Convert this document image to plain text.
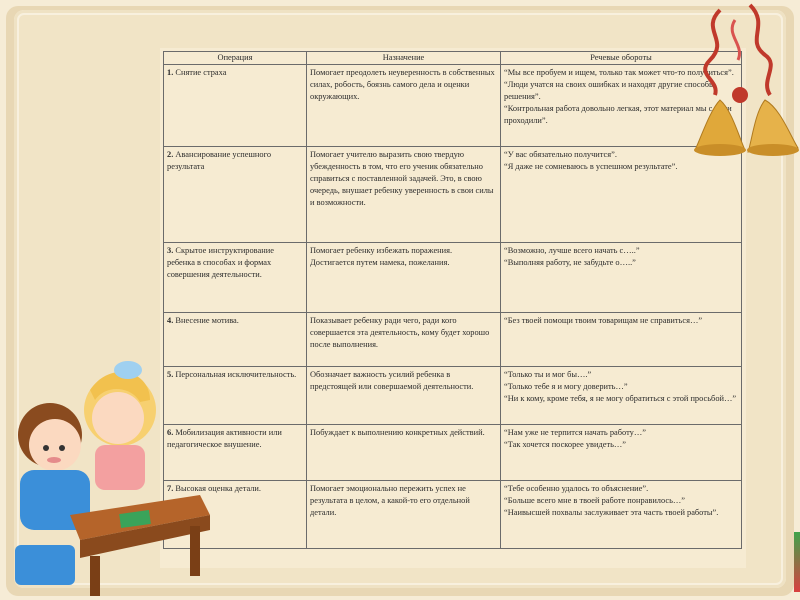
Операция	Назначение	Речевые обороты
1. Снятие страха	Помогает преодолеть неуверенность в собственных силах, робость, боязнь самого дела и оценки окружающих.	“Мы все пробуем и ищем, только так может что-то получиться”.
“Люди учатся на своих ошибках и находят другие способы решения”.
“Контрольная работа довольно легкая, этот материал мы с вами проходили”.

2. Авансирование успешного результата	Помогает учителю выразить свою твердую убежденность в том, что его ученик обязательно справиться с поставленной задачей. Это, в свою очередь, внушает ребенку уверенность в свои силы и возможности.	“У вас обязательно получится”.
“Я даже не сомневаюсь в успешном результате”.

3. Скрытое инструктирование ребенка в способах и формах совершения деятельности.	Помогает ребенку избежать поражения. Достигается путем намека, пожелания.	“Возможно, лучше всего начать с…..”
“Выполняя работу, не забудьте о…..”

4. Внесение мотива.	Показывает ребенку ради чего, ради кого совершается эта деятельность, кому будет хорошо после выполнения.	“Без твоей помощи твоим товарищам не справиться…”

5. Персональная исключительность.	Обозначает важность усилий ребенка в предстоящей или совершаемой деятельности.	“Только ты и мог бы….”
“Только тебе я и могу доверить…”
“Ни к кому, кроме тебя, я не могу обратиться с этой просьбой…”

6. Мобилизация активности или педагогическое внушение.	Побуждает к выполнению конкретных действий.	“Нам уже не терпится начать работу…”
“Так хочется поскорее увидеть…”

7. Высокая оценка детали.	Помогает эмоционально пережить успех не результата в целом, а какой-то его отдельной детали.	“Тебе особенно удалось то объяснение”.
“Больше всего мне в твоей работе понравилось…”
“Наивысшей похвалы заслуживает эта часть твоей работы”.
